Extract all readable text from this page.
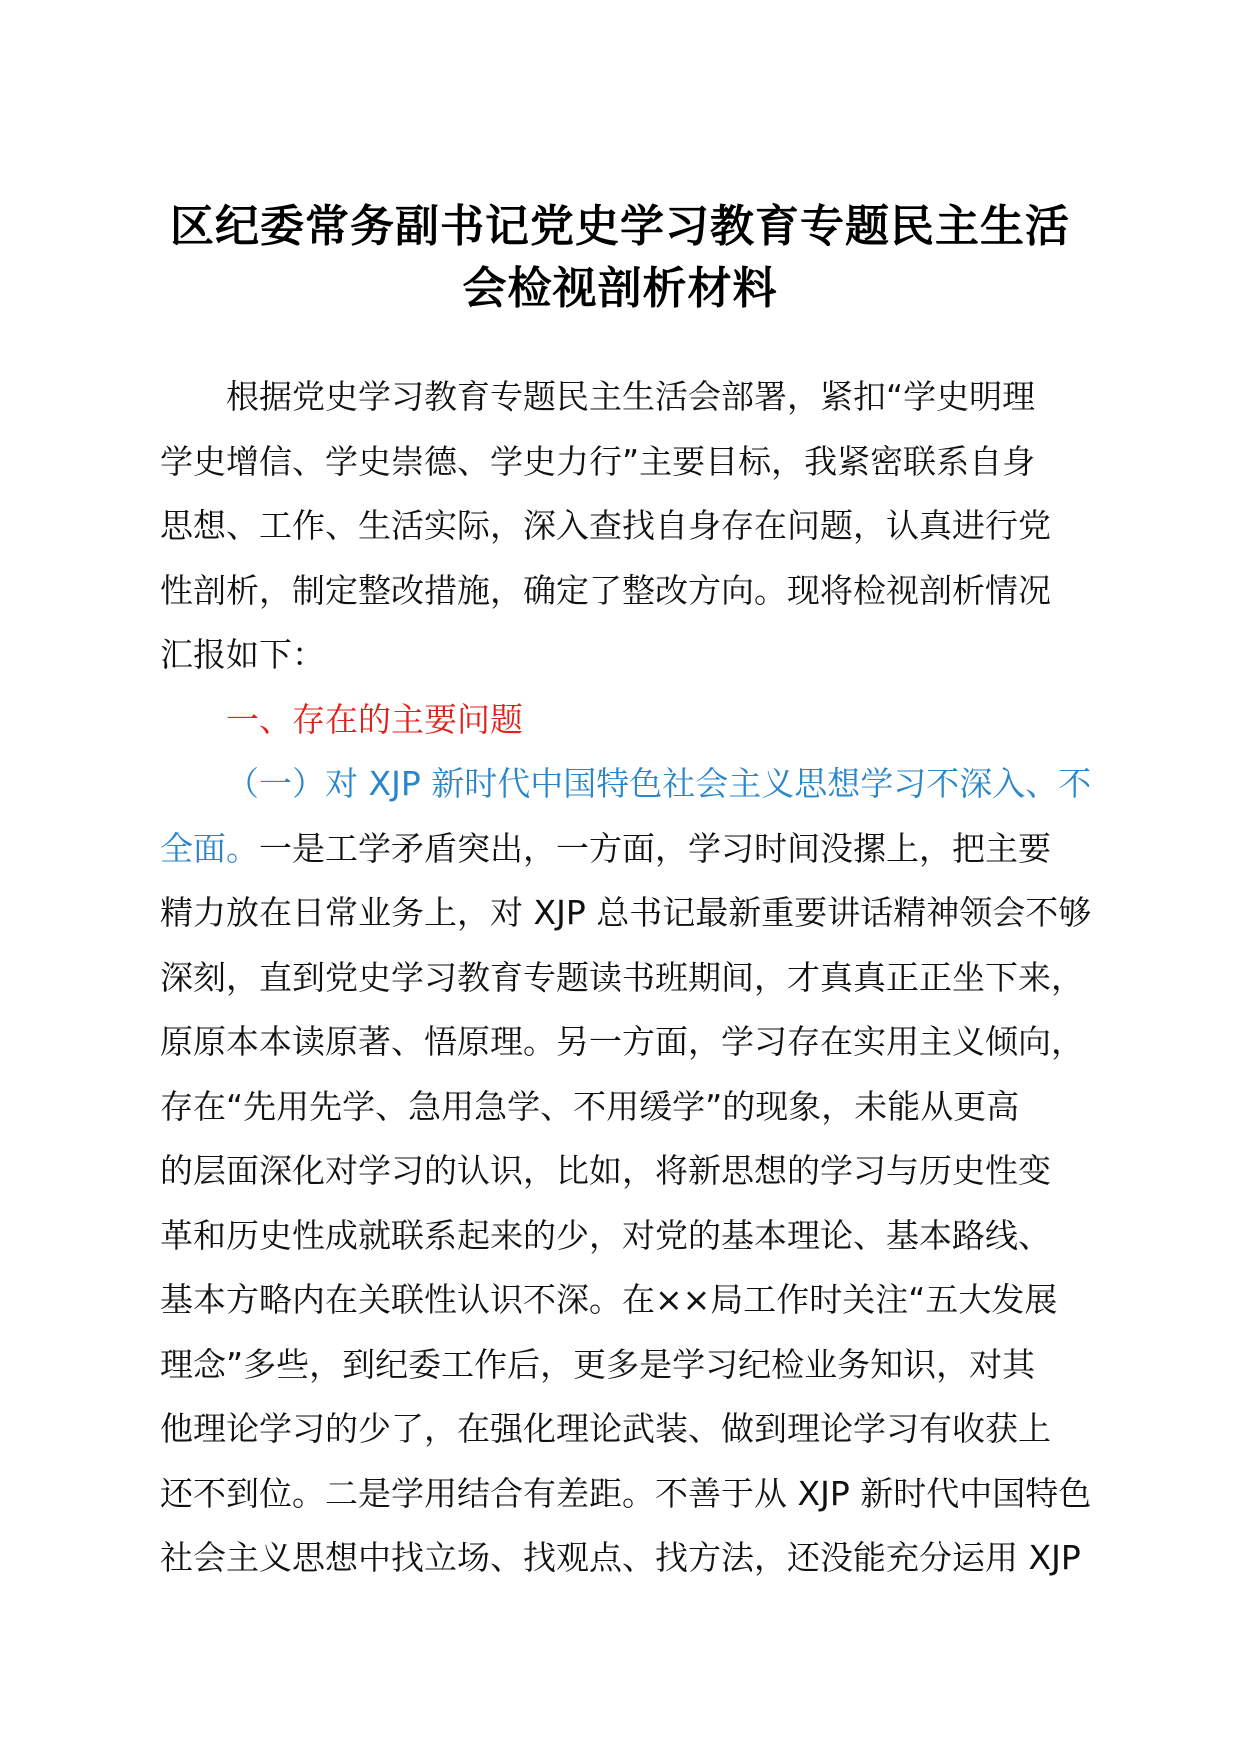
区纪委常务副书记党史学习教育专题民主生活
会检视剖析材料
根据党史学习教育专题民主生活会部署，紧扣“学史明理
学史增信、学史崇德、学史力行”主要目标，我紧密联系自身
思想、工作、生活实际，深入查找自身存在问题，认真进行党
性剖析，制定整改措施，确定了整改方向。现将检视剖析情况
汇报如下：
一、存在的主要问题
（一）对 XJP 新时代中国特色社会主义思想学习不深入、不
全面。一是工学矛盾突出，一方面，学习时间没摞上，把主要
精力放在日常业务上，对 XJP 总书记最新重要讲话精神领会不够
深刻，直到党史学习教育专题读书班期间，才真真正正坐下来，
原原本本读原著、悟原理。另一方面，学习存在实用主义倾向，
存在“先用先学、急用急学、不用缓学”的现象，未能从更高
的层面深化对学习的认识，比如，将新思想的学习与历史性变
革和历史性成就联系起来的少，对党的基本理论、基本路线、
基本方略内在关联性认识不深。在××局工作时关注“五大发展
理念”多些，到纪委工作后，更多是学习纪检业务知识，对其
他理论学习的少了，在强化理论武装、做到理论学习有收获上
还不到位。二是学用结合有差距。不善于从 XJP 新时代中国特色
社会主义思想中找立场、找观点、找方法，还没能充分运用 XJP
